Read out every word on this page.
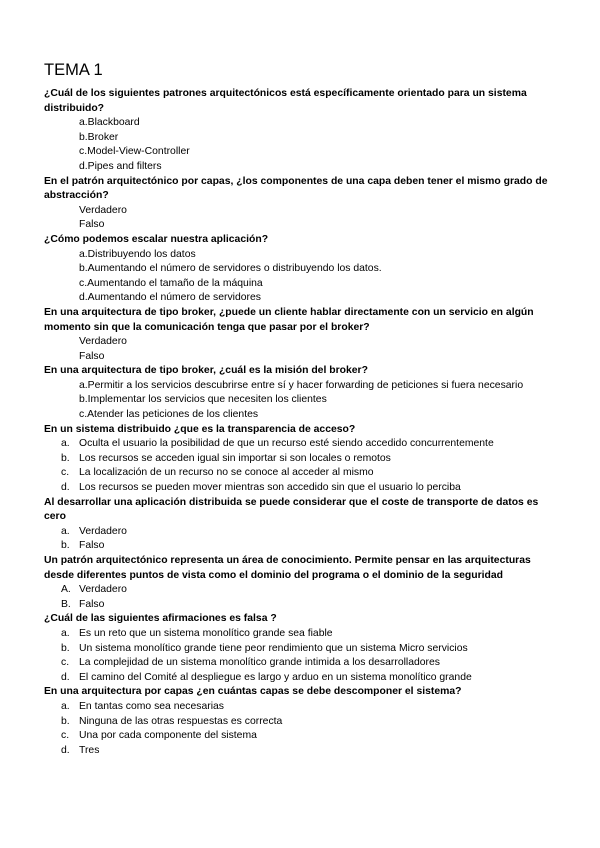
TEMA 1

¿Cuál de los siguientes patrones arquitectónicos está específicamente orientado para un sistema distribuido?

a.Blackboard
b.Broker
c.Model-View-Controller
d.Pipes and filters

En el patrón arquitectónico por capas, ¿los componentes de una capa deben tener el mismo grado de abstracción?

Verdadero
Falso

¿Cómo podemos escalar nuestra aplicación?

a.Distribuyendo los datos
b.Aumentando el número de servidores o distribuyendo los datos.
c.Aumentando el tamaño de la máquina
d.Aumentando el número de servidores

En una arquitectura de tipo broker, ¿puede un cliente hablar directamente con un servicio en algún momento sin que la comunicación tenga que pasar por el broker?

Verdadero
Falso

En una arquitectura de tipo broker, ¿cuál es la misión del broker?

a.Permitir a los servicios descubrirse entre sí y hacer forwarding de peticiones si fuera necesario
b.Implementar los servicios que necesiten los clientes
c.Atender las peticiones de los clientes

En un sistema distribuido ¿que es la transparencia de acceso?

a. Oculta el usuario la posibilidad de que un recurso esté siendo accedido concurrentemente
b. Los recursos se acceden igual sin importar si son locales o remotos
c. La localización de un recurso no se conoce al acceder al mismo
d. Los recursos se pueden mover mientras son accedido sin que el usuario lo perciba

Al desarrollar una aplicación distribuida se puede considerar que el coste de transporte de datos es cero

a. Verdadero
b. Falso

Un patrón arquitectónico representa un área de conocimiento. Permite pensar en las arquitecturas desde diferentes puntos de vista como el dominio del programa o el dominio de la seguridad

A. Verdadero
B. Falso

¿Cuál de las siguientes afirmaciones es falsa ?

a. Es un reto que un sistema monolítico grande sea fiable
b. Un sistema monolítico grande tiene peor rendimiento que un sistema Micro servicios
c. La complejidad de un sistema monolítico grande intimida a los desarrolladores
d. El camino del Comité al despliegue es largo y arduo en un sistema monolítico grande

En una arquitectura por capas ¿en cuántas capas se debe descomponer el sistema?

a. En tantas como sea necesarias
b. Ninguna de las otras respuestas es correcta
c. Una por cada componente del sistema
d. Tres
